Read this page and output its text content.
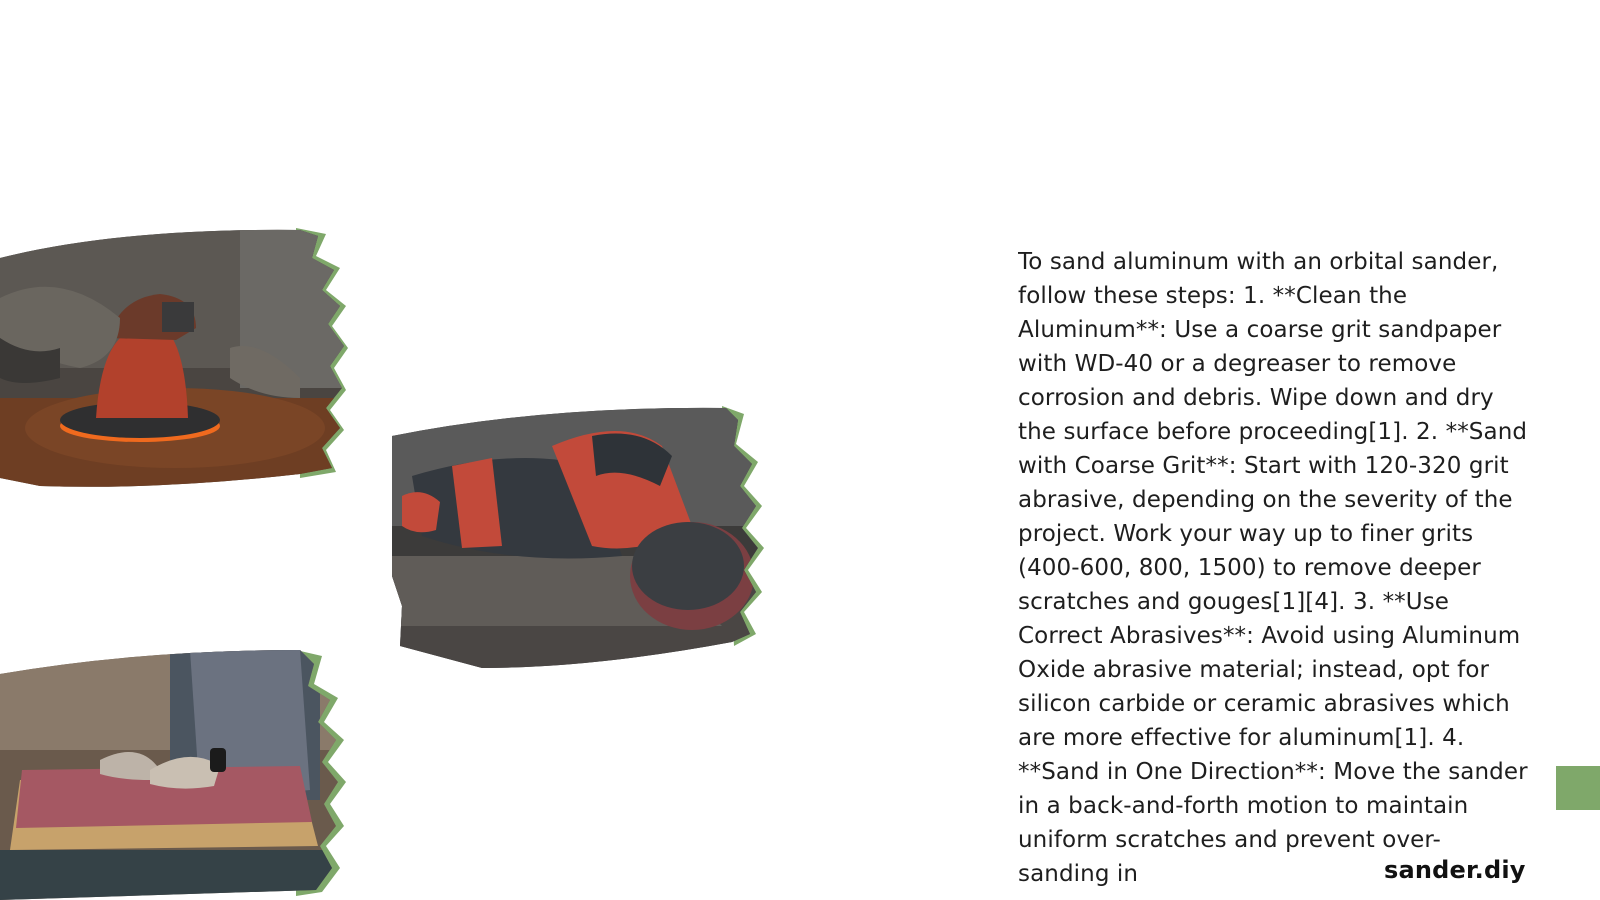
To sand aluminum with an orbital sander, follow these steps: 1. **Clean the Aluminum**: Use a coarse grit sandpaper with WD-40 or a degreaser to remove corrosion and debris. Wipe down and dry the surface before proceeding[1]. 2. **Sand with Coarse Grit**: Start with 120-320 grit abrasive, depending on the severity of the project. Work your way up to finer grits (400-600, 800, 1500) to remove deeper scratches and gouges[1][4]. 3. **Use Correct Abrasives**: Avoid using Aluminum Oxide abrasive material; instead, opt for silicon carbide or ceramic abrasives which are more effective for aluminum[1]. 4. **Sand in One Direction**: Move the sander in a back-and-forth motion to maintain uniform scratches and prevent over-sanding in	sander.diy
